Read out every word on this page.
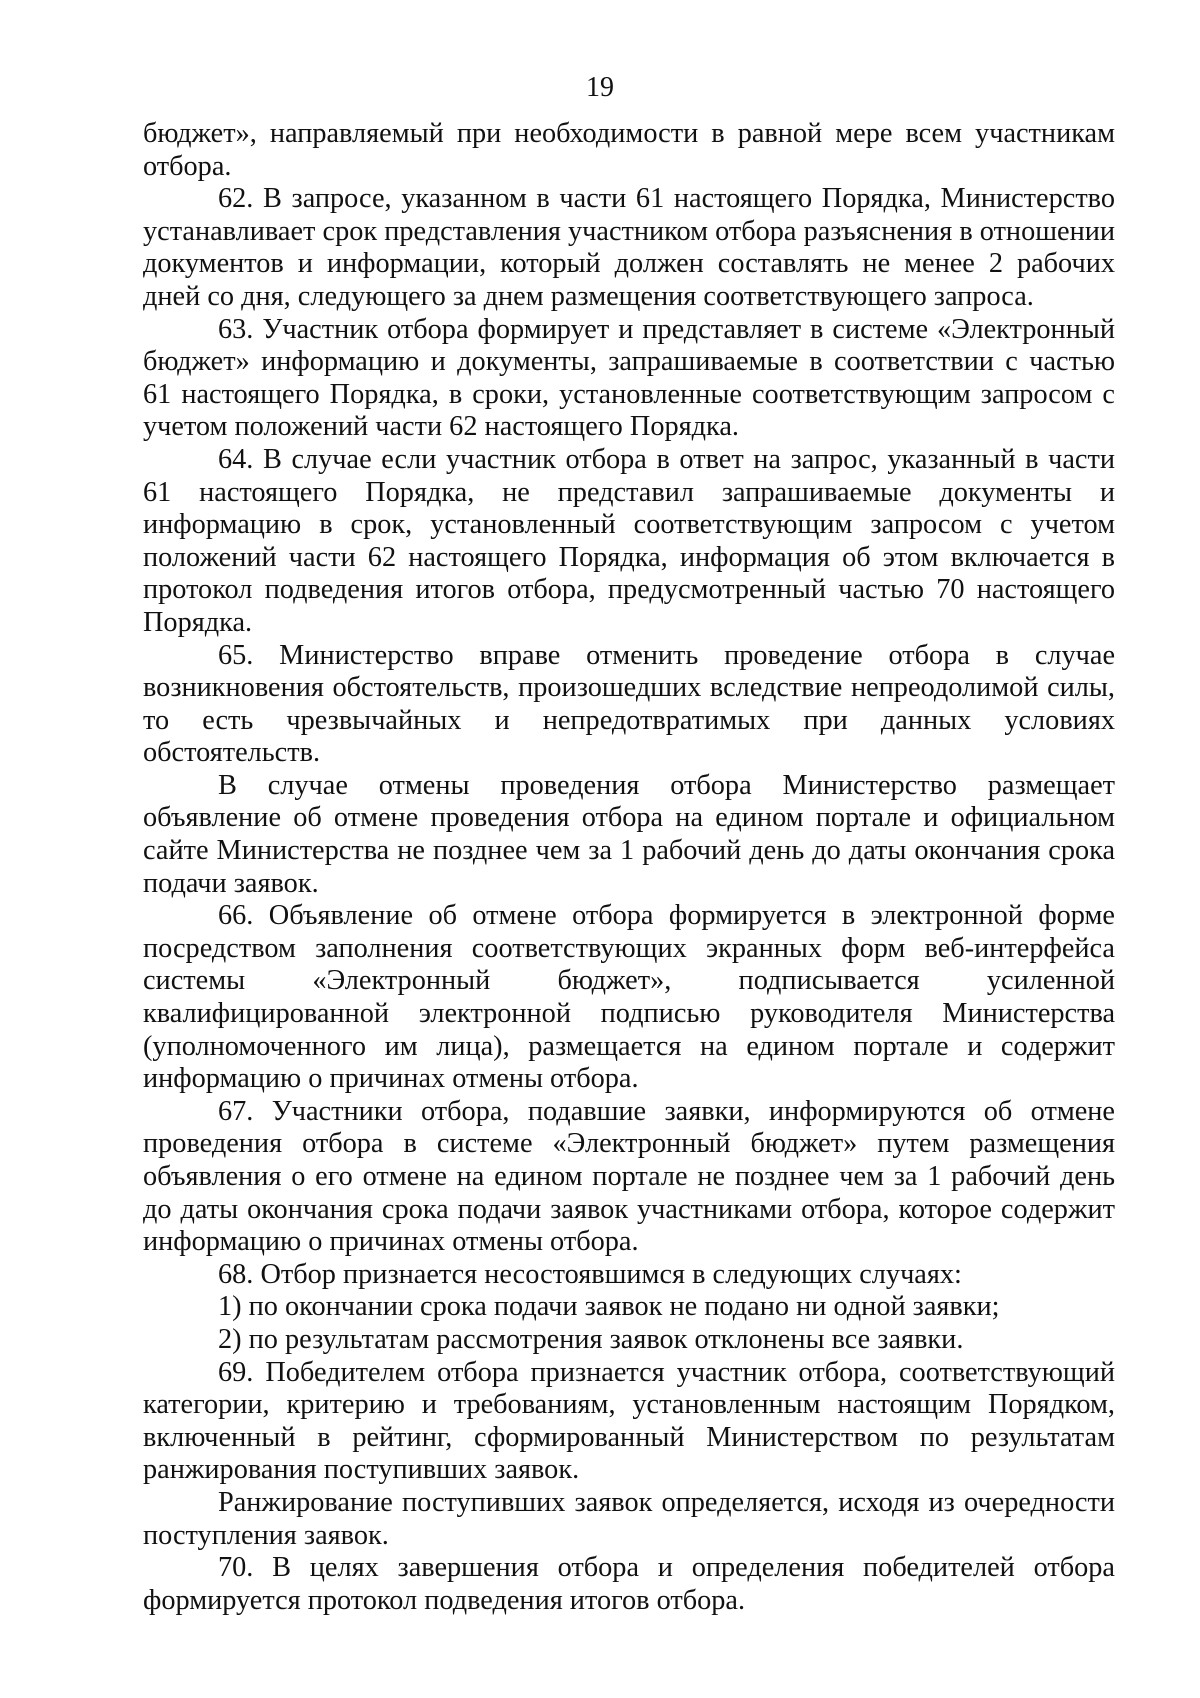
19

бюджет», направляемый при необходимости в равной мере всем участникам отбора.

62. В запросе, указанном в части 61 настоящего Порядка, Министерство устанавливает срок представления участником отбора разъяснения в отношении документов и информации, который должен составлять не менее 2 рабочих дней со дня, следующего за днем размещения соответствующего запроса.

63. Участник отбора формирует и представляет в системе «Электронный бюджет» информацию и документы, запрашиваемые в соответствии с частью 61 настоящего Порядка, в сроки, установленные соответствующим запросом с учетом положений части 62 настоящего Порядка.

64. В случае если участник отбора в ответ на запрос, указанный в части 61 настоящего Порядка, не представил запрашиваемые документы и информацию в срок, установленный соответствующим запросом с учетом положений части 62 настоящего Порядка, информация об этом включается в протокол подведения итогов отбора, предусмотренный частью 70 настоящего Порядка.

65. Министерство вправе отменить проведение отбора в случае возникновения обстоятельств, произошедших вследствие непреодолимой силы, то есть чрезвычайных и непредотвратимых при данных условиях обстоятельств.

В случае отмены проведения отбора Министерство размещает объявление об отмене проведения отбора на едином портале и официальном сайте Министерства не позднее чем за 1 рабочий день до даты окончания срока подачи заявок.

66. Объявление об отмене отбора формируется в электронной форме посредством заполнения соответствующих экранных форм веб-интерфейса системы «Электронный бюджет», подписывается усиленной квалифицированной электронной подписью руководителя Министерства (уполномоченного им лица), размещается на едином портале и содержит информацию о причинах отмены отбора.

67. Участники отбора, подавшие заявки, информируются об отмене проведения отбора в системе «Электронный бюджет» путем размещения объявления о его отмене на едином портале не позднее чем за 1 рабочий день до даты окончания срока подачи заявок участниками отбора, которое содержит информацию о причинах отмены отбора.

68. Отбор признается несостоявшимся в следующих случаях:

1) по окончании срока подачи заявок не подано ни одной заявки;

2) по результатам рассмотрения заявок отклонены все заявки.

69. Победителем отбора признается участник отбора, соответствующий категории, критерию и требованиям, установленным настоящим Порядком, включенный в рейтинг, сформированный Министерством по результатам ранжирования поступивших заявок.

Ранжирование поступивших заявок определяется, исходя из очередности поступления заявок.

70. В целях завершения отбора и определения победителей отбора формируется протокол подведения итогов отбора.
